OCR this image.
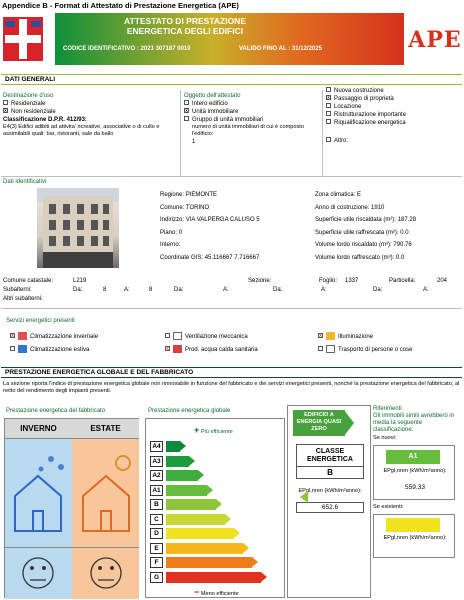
Appendice B - Format di Attestato di Prestazione Energetica (APE)
ATTESTATO DI PRESTAZIONE
ENERGETICA DEGLI EDIFICI
CODICE IDENTIFICATIVO : 2021 307187 0010	VALIDO FINO AL : 31/12/2025	APE
DATI GENERALI
Destinazione d'uso
Residenziale
x Non residenziale
Classificazione D.P.R. 412/93:
E4(3) Edifici adibiti ad attivita' ricreative, associative o di culto e assimilabili quali: bar, ristoranti, sale da ballo
Oggetto dell'attestato
Intero edificio
x Unità immobiliare
Gruppo di unità immobiliari
numero di unità immobiliari di cui è composto l'edificio:
1
Nuova costruzione
x Passaggio di proprietà
Locazione
Ristrutturazione importante
Riqualificazione energetica
Altro:
Dati identificativi
Regione: PIEMONTE
Comune: TORINO
Indirizzo: VIA VALPERGA CALUSO 5
Piano: 0
Interno:
Coordinate GIS: 45.116667 7.716667
Zona climatica: E
Anno di costruzione: 1910
Superficie utile riscaldata (m²): 187.28
Superficie utile raffrescata (m²): 0.0
Volume lordo riscaldato (m³): 790.76
Volume lordo raffrescato (m³): 0.0
Comune catastale:	L219	Sezione:	Foglio: 1337	Particella:	204
Subalterni:	Da:	8	A:	8	Da:	A:	Da:	A:	Da:	A:
Altri subalterni:
Servizi energetici presenti
x	Climatizzazione invernale	Ventilazione meccanica	x	Illuminazione
Climatizzazione estiva	x	Prod. acqua calda sanitaria	Trasporto di persone o cose
PRESTAZIONE ENERGETICA GLOBALE E DEL FABBRICATO
La sezione riporta l'indice di prestazione energetica globale non rinnovabile in funzione del fabbricato e dei servizi energetici presenti, nonché la prestazione energetica del fabbricato, al netto del rendimento degli impianti presenti.
Prestazione energetica del fabbricato
INVERNO	ESTATE
Prestazione energetica globale
+ Più efficiente
A4
A3
A2
A1
B
C
D
E
F
G
− Meno efficiente
EDIFICIO A ENERGIA QUASI ZERO
CLASSE ENERGETICA
B
EPgl,nren (kWh/m²anno):
652.6
Riferimenti
Gli immobili simili avrebbero in media la seguente classificazione:
Se nuovi:
A1
EPgl,nren (kWh/m²anno):
559.33
Se esistenti:
EPgl,nren (kWh/m²anno):
